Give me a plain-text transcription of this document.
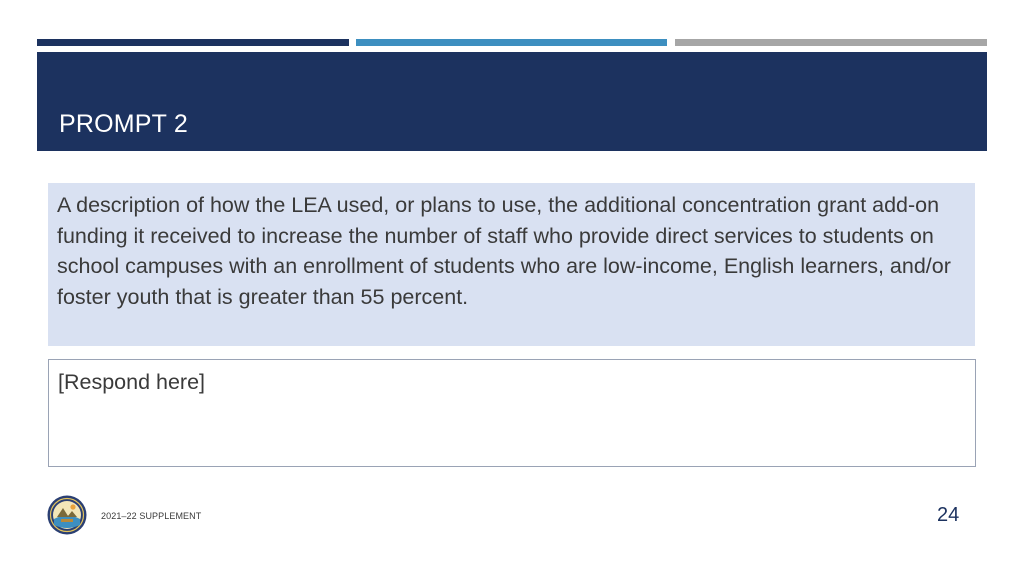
PROMPT 2
A description of how the LEA used, or plans to use, the additional concentration grant add-on funding it received to increase the number of staff who provide direct services to students on school campuses with an enrollment of students who are low-income, English learners, and/or foster youth that is greater than 55 percent.
[Respond here]
2021–22 SUPPLEMENT	24
